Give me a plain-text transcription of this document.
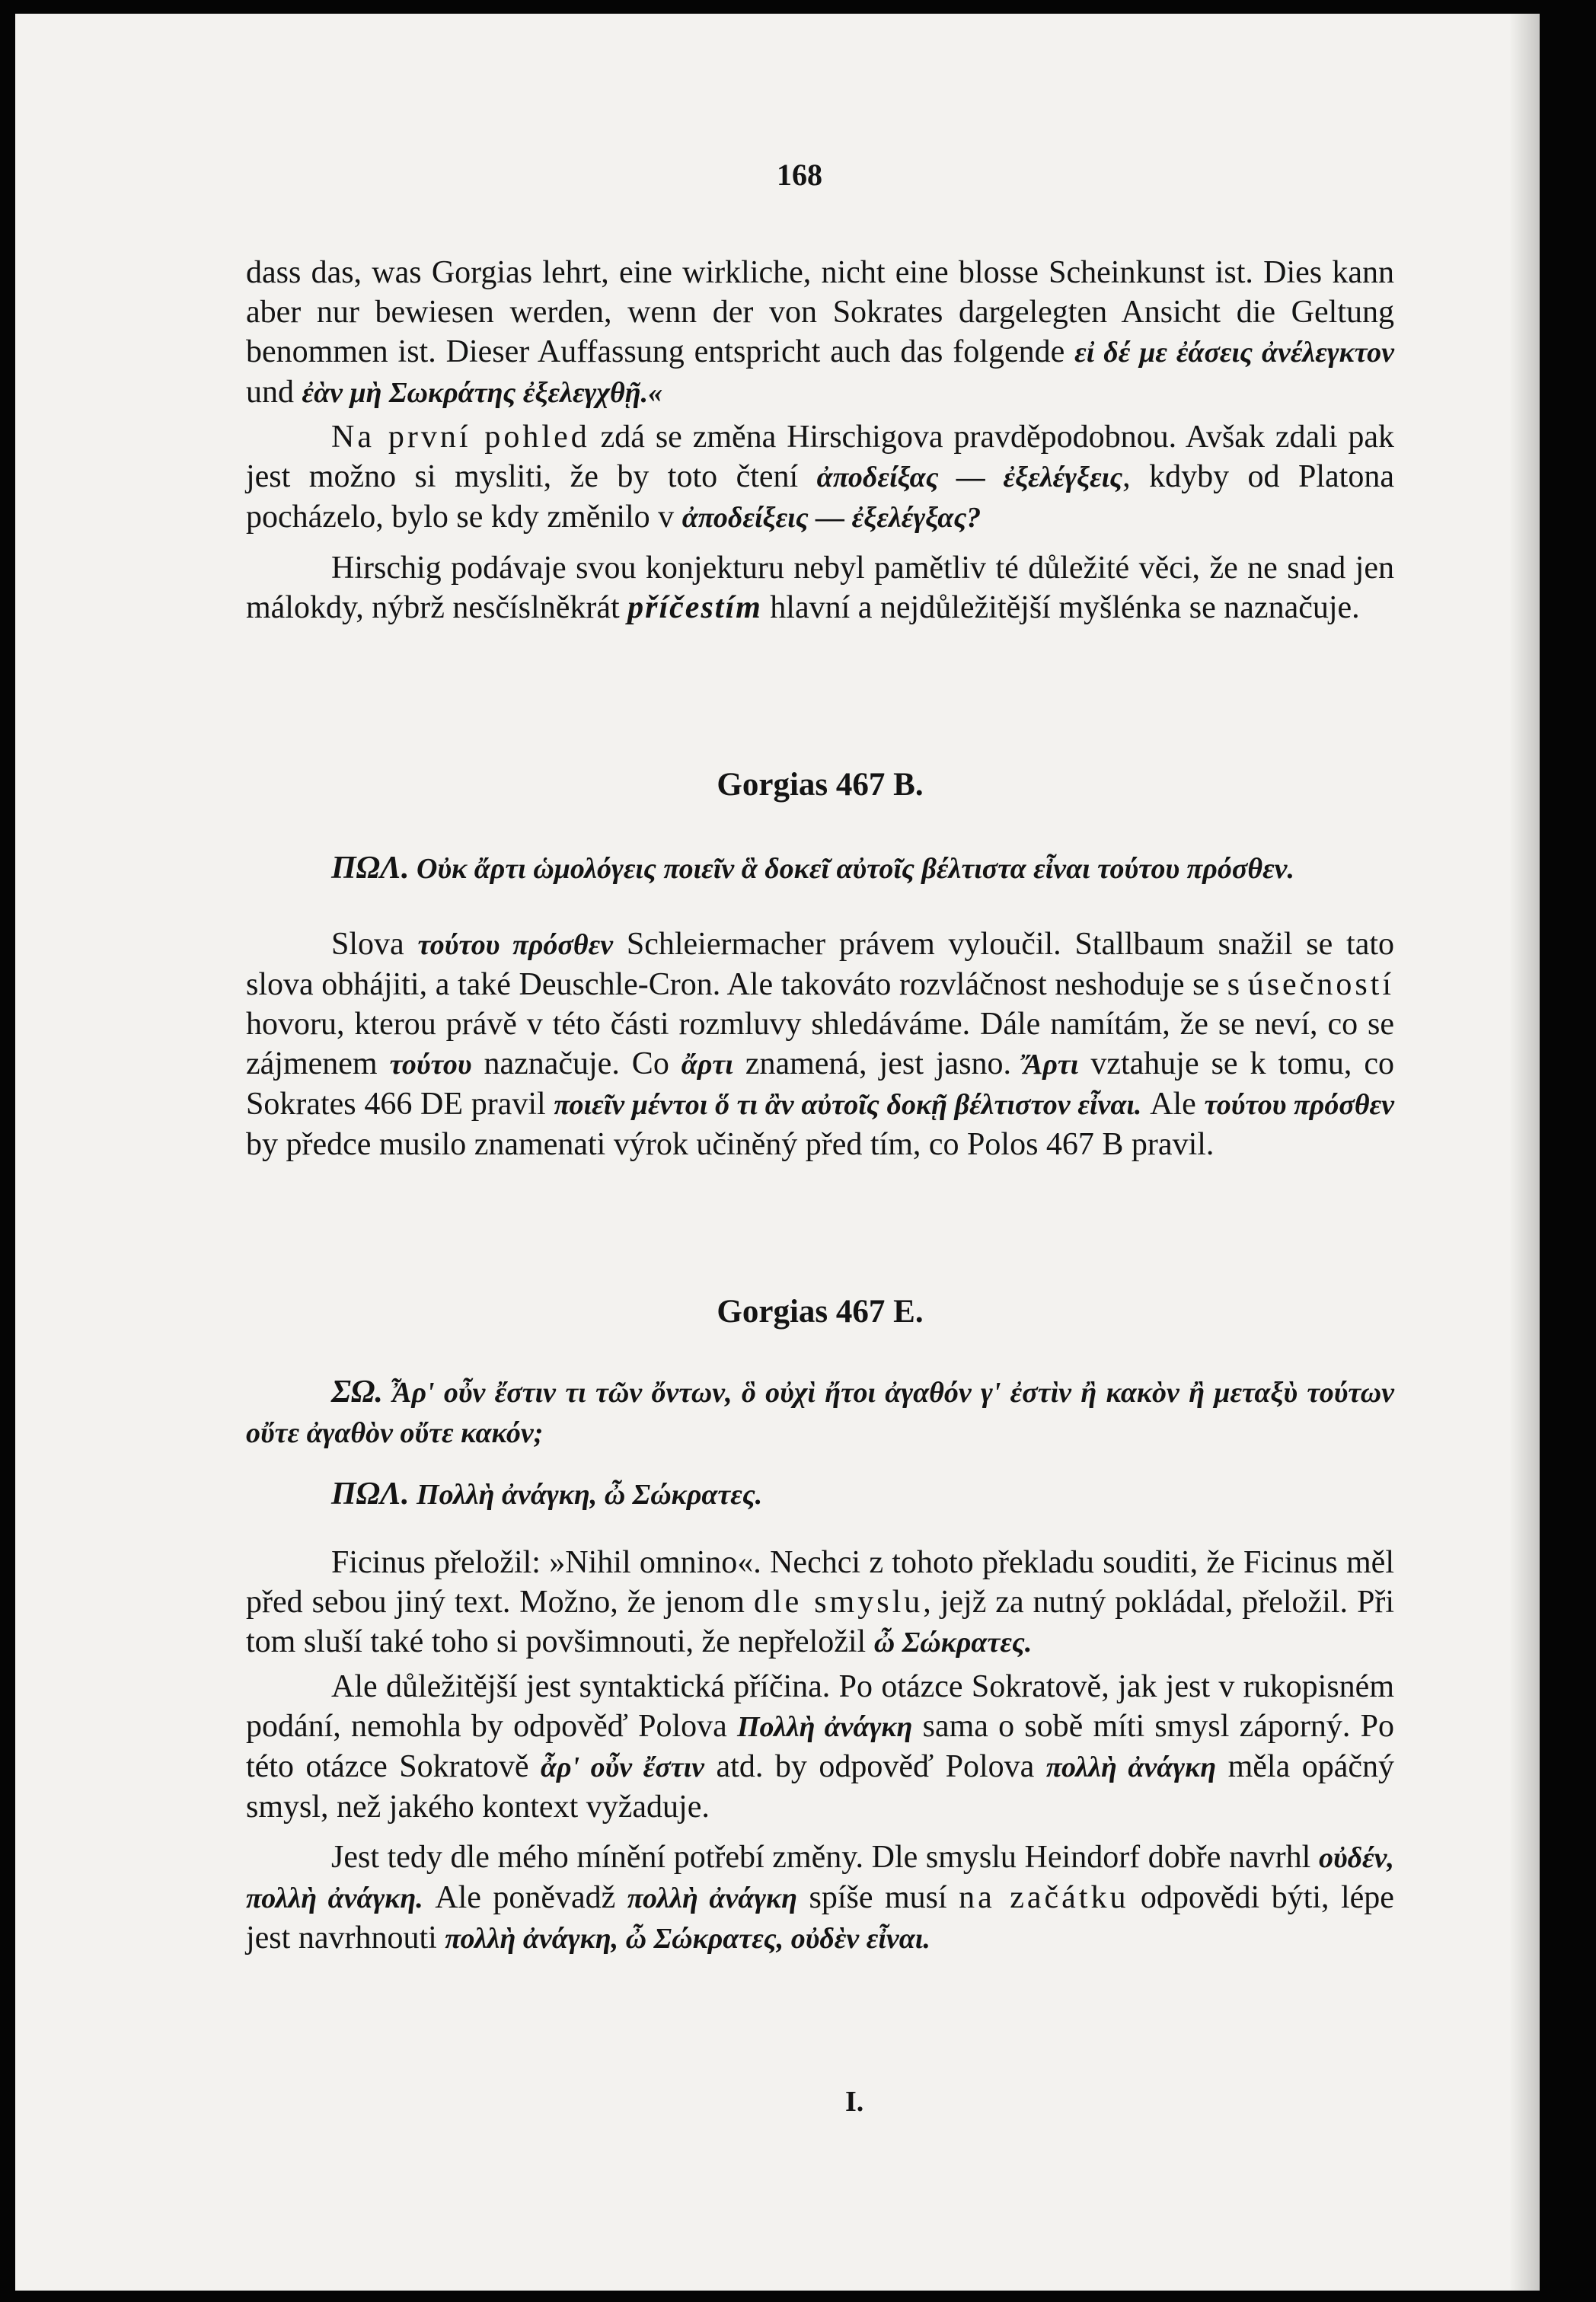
168

dass das, was Gorgias lehrt, eine wirkliche, nicht eine blosse Scheinkunst ist. Dies kann aber nur bewiesen werden, wenn der von Sokrates dargelegten Ansicht die Geltung benommen ist. Dieser Auffassung entspricht auch das folgende εἰ δέ με ἐάσεις ἀνέλεγκτον und ἐὰν μὴ Σωκράτης ἐξελεγχθῇ.«

Na první pohled zdá se změna Hirschigova pravděpodobnou. Avšak zdali pak jest možno si mysliti, že by toto čtení ἀποδείξας — ἐξελέγξεις, kdyby od Platona pocházelo, bylo se kdy změnilo v ἀποδείξεις — ἐξελέγξας?

Hirschig podávaje svou konjekturu nebyl pamětliv té důležité věci, že ne snad jen málokdy, nýbrž nesčíslněkrát příčestím hlavní a nejdůležitější myšlénka se naznačuje.

Gorgias 467 B.

ΠΩΛ. Οὐκ ἄρτι ὡμολόγεις ποιεῖν ἃ δοκεῖ αὐτοῖς βέλτιστα εἶναι τούτου πρόσθεν.

Slova τούτου πρόσθεν Schleiermacher právem vyloučil. Stallbaum snažil se tato slova obhájiti, a také Deuschle-Cron. Ale takováto rozvláčnost neshoduje se s úsečností hovoru, kterou právě v této části rozmluvy shledáváme. Dále namítám, že se neví, co se zájmenem τούτου naznačuje. Co ἄρτι znamená, jest jasno. Ἄρτι vztahuje se k tomu, co Sokrates 466 DE pravil ποιεῖν μέντοι ὅ τι ἂν αὐτοῖς δοκῇ βέλτιστον εἶναι. Ale τούτου πρόσθεν by předce musilo znamenati výrok učiněný před tím, co Polos 467 B pravil.

Gorgias 467 E.

ΣΩ. Ἆρ' οὖν ἔστιν τι τῶν ὄντων, ὃ οὐχὶ ἤτοι ἀγαθόν γ' ἐστὶν ἢ κακὸν ἢ μεταξὺ τούτων οὔτε ἀγαθὸν οὔτε κακόν;

ΠΩΛ. Πολλὴ ἀνάγκη, ὦ Σώκρατες.

Ficinus přeložil: »Nihil omnino«. Nechci z tohoto překladu souditi, že Ficinus měl před sebou jiný text. Možno, že jenom dle smyslu, jejž za nutný pokládal, přeložil. Při tom sluší také toho si povšimnouti, že nepřeložil ὦ Σώκρατες.

Ale důležitější jest syntaktická příčina. Po otázce Sokratově, jak jest v rukopisném podání, nemohla by odpověď Polova Πολλὴ ἀνάγκη sama o sobě míti smysl záporný. Po této otázce Sokratově ἆρ' οὖν ἔστιν atd. by odpověď Polova πολλὴ ἀνάγκη měla opáčný smysl, než jakého kontext vyžaduje.

Jest tedy dle mého mínění potřebí změny. Dle smyslu Heindorf dobře navrhl οὐδέν, πολλὴ ἀνάγκη. Ale poněvadž πολλὴ ἀνάγκη spíše musí na začátku odpovědi býti, lépe jest navrhnouti πολλὴ ἀνάγκη, ὦ Σώκρατες, οὐδὲν εἶναι.

I.
